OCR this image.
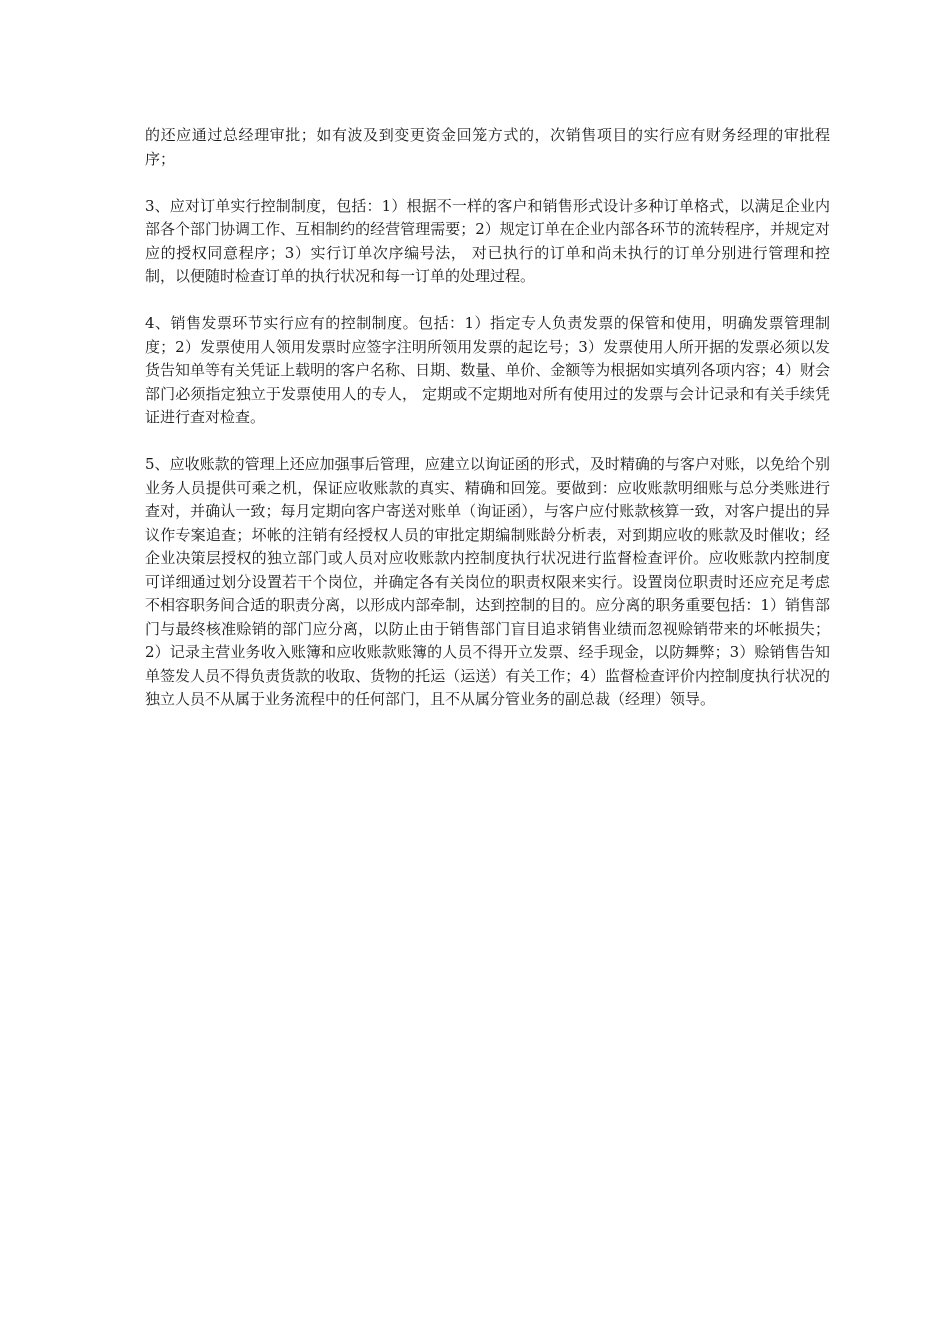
的还应通过总经理审批；如有波及到变更资金回笼方式的，次销售项目的实行应有财务经理的审批程序；

3、应对订单实行控制制度，包括：1）根据不一样的客户和销售形式设计多种订单格式，以满足企业内部各个部门协调工作、互相制约的经营管理需要；2）规定订单在企业内部各环节的流转程序，并规定对应的授权同意程序；3）实行订单次序编号法， 对已执行的订单和尚未执行的订单分别进行管理和控制，以便随时检查订单的执行状况和每一订单的处理过程。

4、销售发票环节实行应有的控制制度。包括：1）指定专人负责发票的保管和使用，明确发票管理制度；2）发票使用人领用发票时应签字注明所领用发票的起讫号；3）发票使用人所开据的发票必须以发货告知单等有关凭证上载明的客户名称、日期、数量、单价、金额等为根据如实填列各项内容；4）财会部门必须指定独立于发票使用人的专人， 定期或不定期地对所有使用过的发票与会计记录和有关手续凭证进行查对检查。

5、应收账款的管理上还应加强事后管理，应建立以询证函的形式，及时精确的与客户对账，以免给个别业务人员提供可乘之机，保证应收账款的真实、精确和回笼。要做到：应收账款明细账与总分类账进行查对，并确认一致；每月定期向客户寄送对账单（询证函），与客户应付账款核算一致，对客户提出的异议作专案追查；坏帐的注销有经授权人员的审批定期编制账龄分析表，对到期应收的账款及时催收；经企业决策层授权的独立部门或人员对应收账款内控制度执行状况进行监督检查评价。应收账款内控制度可详细通过划分设置若干个岗位，并确定各有关岗位的职责权限来实行。设置岗位职责时还应充足考虑不相容职务间合适的职责分离，以形成内部牵制，达到控制的目的。应分离的职务重要包括：1）销售部门与最终核准赊销的部门应分离，以防止由于销售部门盲目追求销售业绩而忽视赊销带来的坏帐损失；2）记录主营业务收入账簿和应收账款账簿的人员不得开立发票、经手现金，以防舞弊；3）赊销售告知单签发人员不得负责货款的收取、货物的托运（运送）有关工作；4）监督检查评价内控制度执行状况的独立人员不从属于业务流程中的任何部门，且不从属分管业务的副总裁（经理）领导。
